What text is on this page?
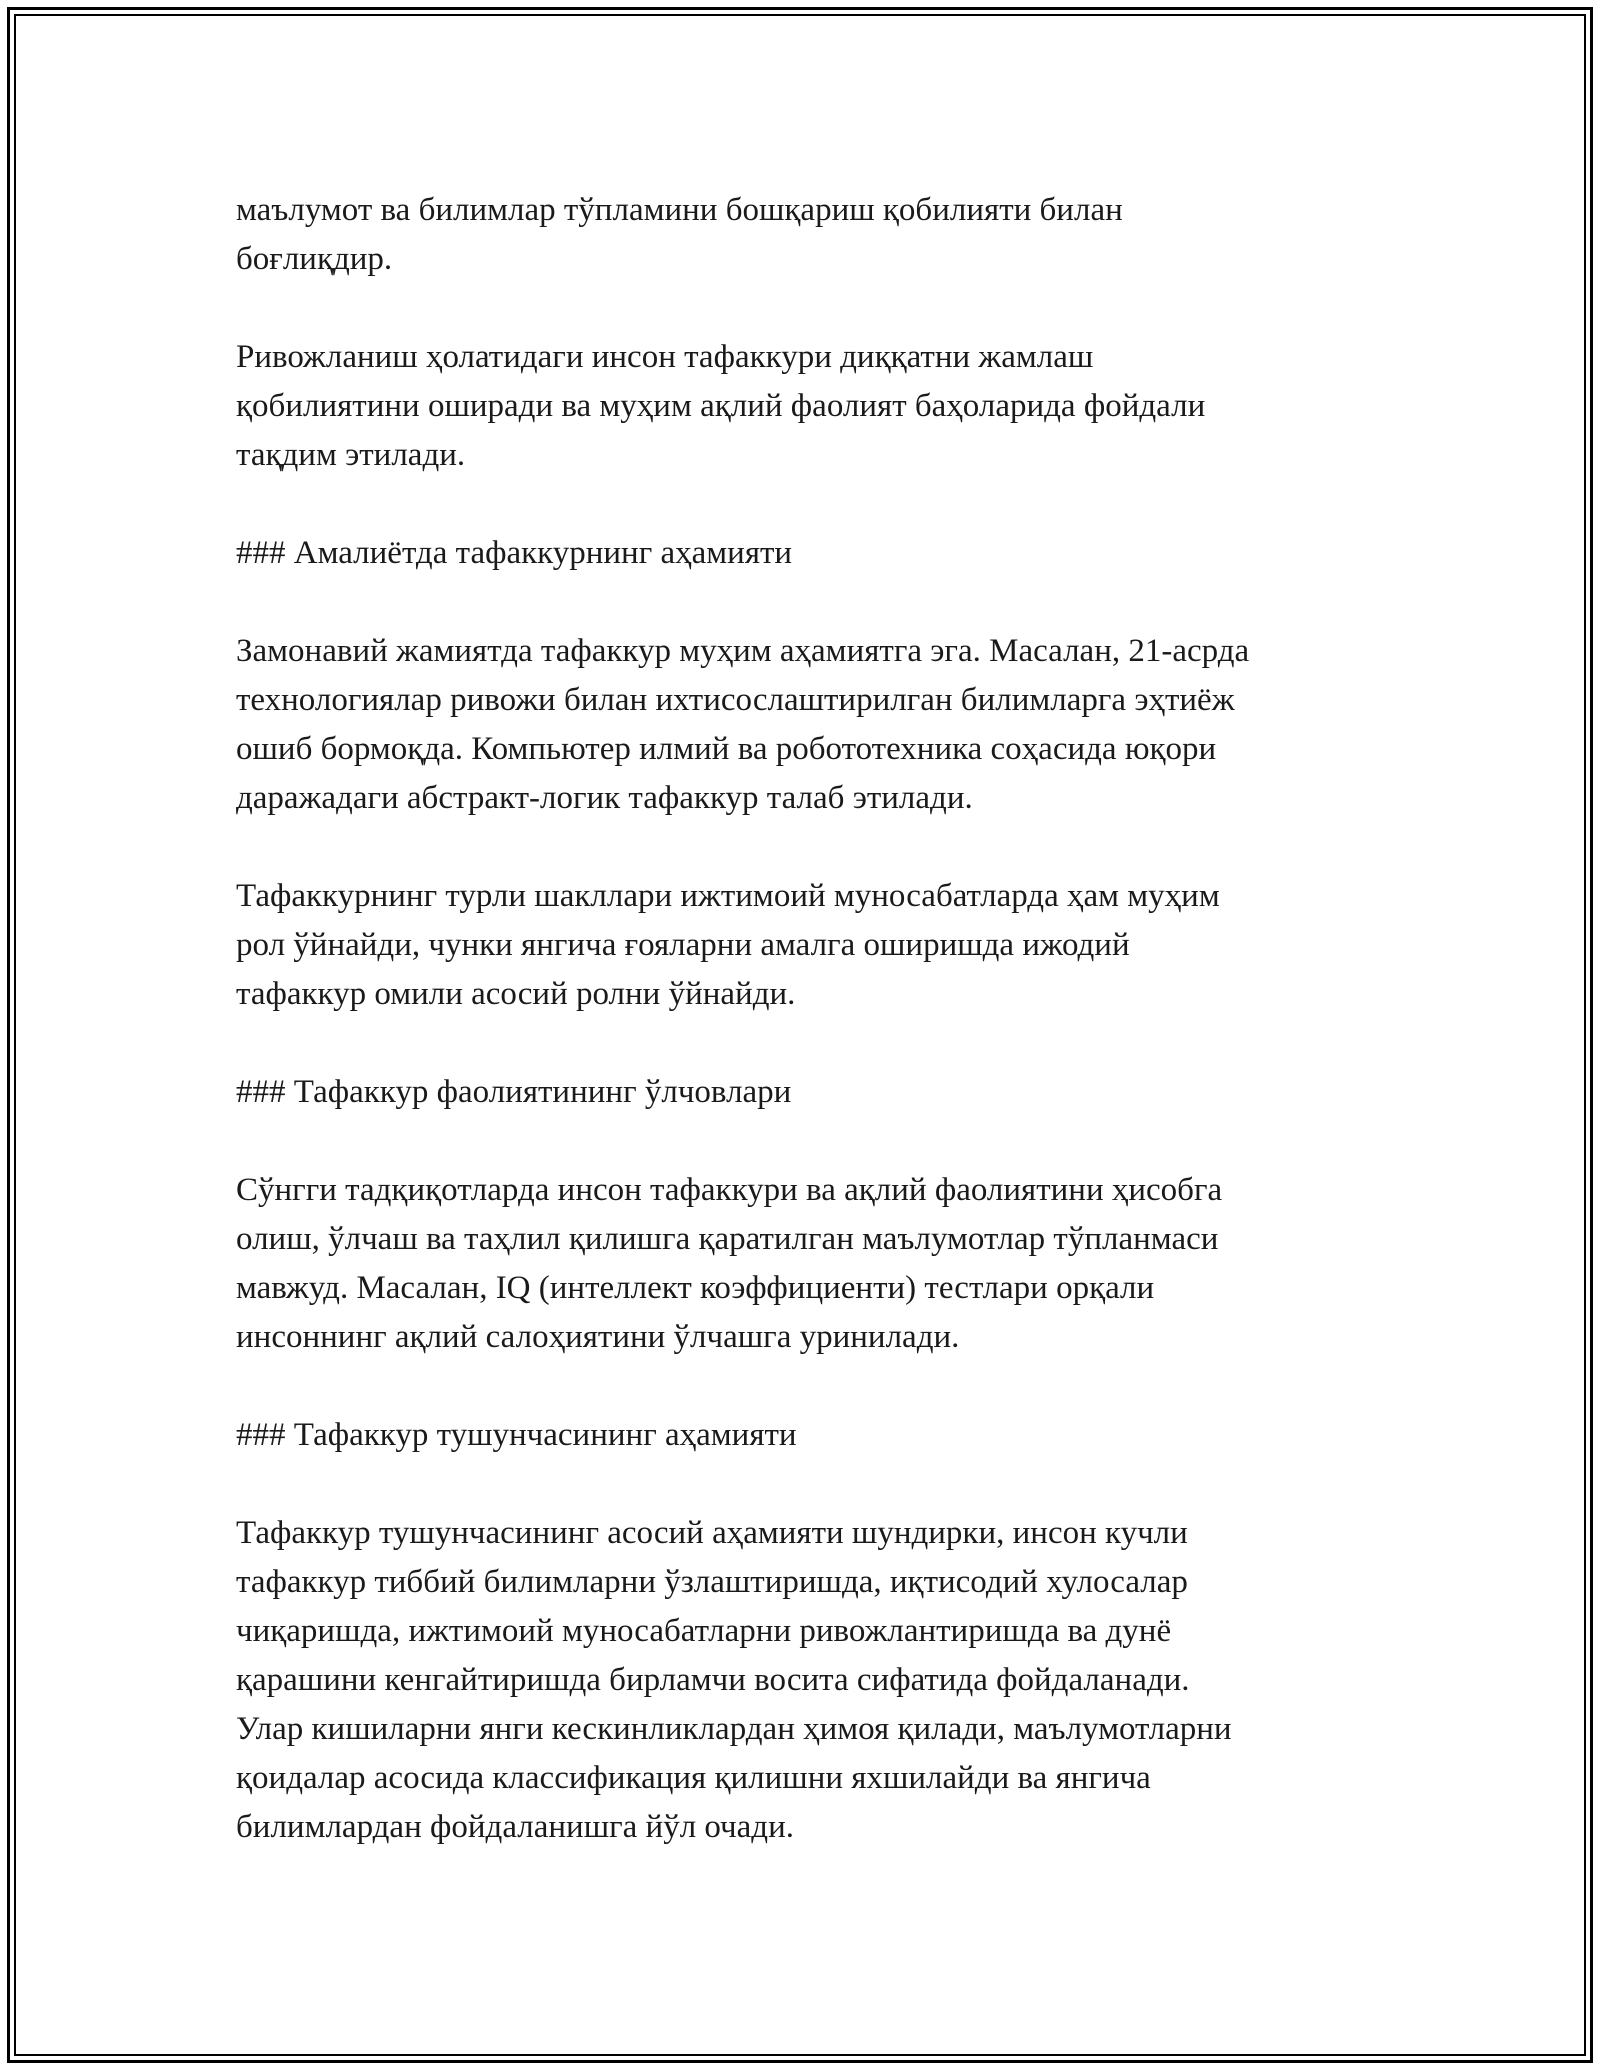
маълумот ва билимлар тўпламини бошқариш қобилияти билан
боғлиқдир.
Ривожланиш ҳолатидаги инсон тафаккури диққатни жамлаш
қобилиятини оширади ва муҳим ақлий фаолият баҳоларида фойдали
тақдим этилади.
### Амалиётда тафаккурнинг аҳамияти
Замонавий жамиятда тафаккур муҳим аҳамиятга эга. Масалан, 21-асрда
технологиялар ривожи билан ихтисослаштирилган билимларга эҳтиёж
ошиб бормоқда. Компьютер илмий ва робототехника соҳасида юқори
даражадаги абстракт-логик тафаккур талаб этилади.
Тафаккурнинг турли шакллари ижтимоий муносабатларда ҳам муҳим
рол ўйнайди, чунки янгича ғояларни амалга оширишда ижодий
тафаккур омили асосий ролни ўйнайди.
### Тафаккур фаолиятининг ўлчовлари
Сўнгги тадқиқотларда инсон тафаккури ва ақлий фаолиятини ҳисобга
олиш, ўлчаш ва таҳлил қилишга қаратилган маълумотлар тўпланмаси
мавжуд. Масалан, IQ (интеллект коэффициенти) тестлари орқали
инсоннинг ақлий салоҳиятини ўлчашга уринилади.
### Тафаккур тушунчасининг аҳамияти
Тафаккур тушунчасининг асосий аҳамияти шундирки, инсон кучли
тафаккур тиббий билимларни ўзлаштиришда, иқтисодий хулосалар
чиқаришда, ижтимоий муносабатларни ривожлантиришда ва дунё
қарашини кенгайтиришда бирламчи восита сифатида фойдаланади.
Улар кишиларни янги кескинликлардан ҳимоя қилади, маълумотларни
қоидалар асосида классификация қилишни яхшилайди ва янгича
билимлардан фойдаланишга йўл очади.
